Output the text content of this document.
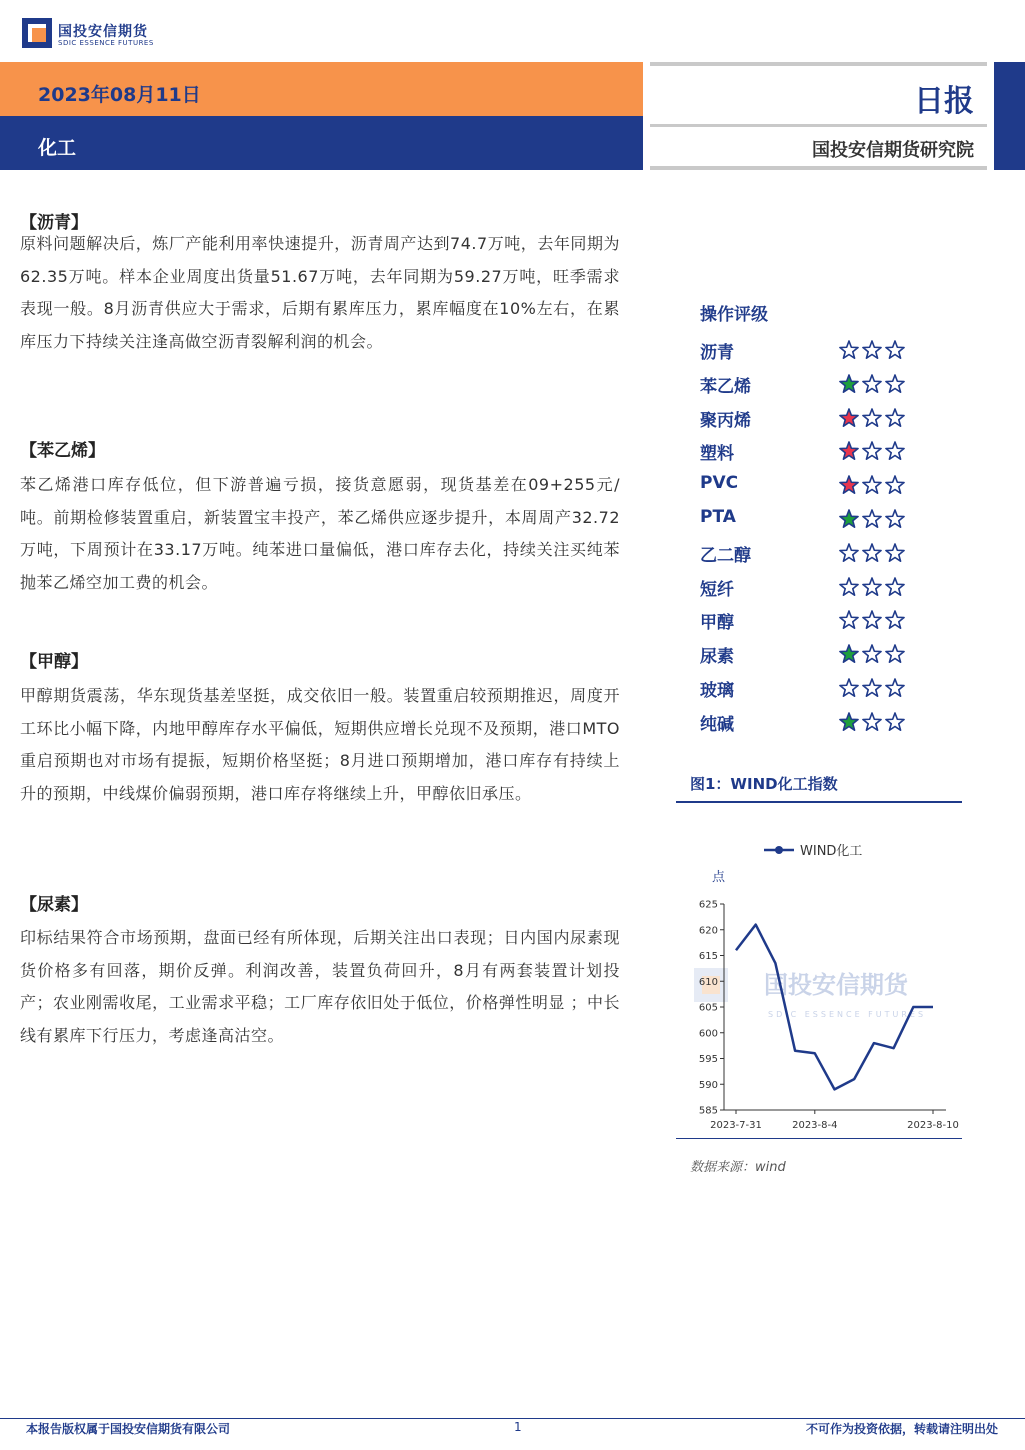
国投安信期货
SDIC ESSENCE FUTURES
2023年08月11日
化工
日报
国投安信期货研究院
【沥青】
原料问题解决后，炼厂产能利用率快速提升，沥青周产达到74.7万吨，去年同期为62.35万吨。样本企业周度出货量51.67万吨，去年同期为59.27万吨，旺季需求表现一般。8月沥青供应大于需求，后期有累库压力，累库幅度在10%左右，在累库压力下持续关注逢高做空沥青裂解利润的机会。
【苯乙烯】
苯乙烯港口库存低位，但下游普遍亏损，接货意愿弱，现货基差在09+255元/吨。前期检修装置重启，新装置宝丰投产，苯乙烯供应逐步提升，本周周产32.72万吨，下周预计在33.17万吨。纯苯进口量偏低，港口库存去化，持续关注买纯苯抛苯乙烯空加工费的机会。
【甲醇】
甲醇期货震荡，华东现货基差坚挺，成交依旧一般。装置重启较预期推迟，周度开工环比小幅下降，内地甲醇库存水平偏低，短期供应增长兑现不及预期，港口MTO重启预期也对市场有提振，短期价格坚挺；8月进口预期增加，港口库存有持续上升的预期，中线煤价偏弱预期，港口库存将继续上升，甲醇依旧承压。
【尿素】
印标结果符合市场预期，盘面已经有所体现，后期关注出口表现；日内国内尿素现货价格多有回落，期价反弹。利润改善，装置负荷回升，8月有两套装置计划投产；农业刚需收尾，工业需求平稳；工厂库存依旧处于低位，价格弹性明显 ；中长线有累库下行压力，考虑逢高沽空。
操作评级
沥青
苯乙烯
聚丙烯
塑料
PVC
PTA
乙二醇
短纤
甲醇
尿素
玻璃
纯碱
图1：WIND化工指数
国投安信期货
SDIC ESSENCE FUTURES
WIND化工
点
585
590
595
600
605
610
615
620
625
2023-7-31	2023-8-4	2023-8-10
数据来源：wind
本报告版权属于国投安信期货有限公司	1	不可作为投资依据，转载请注明出处
